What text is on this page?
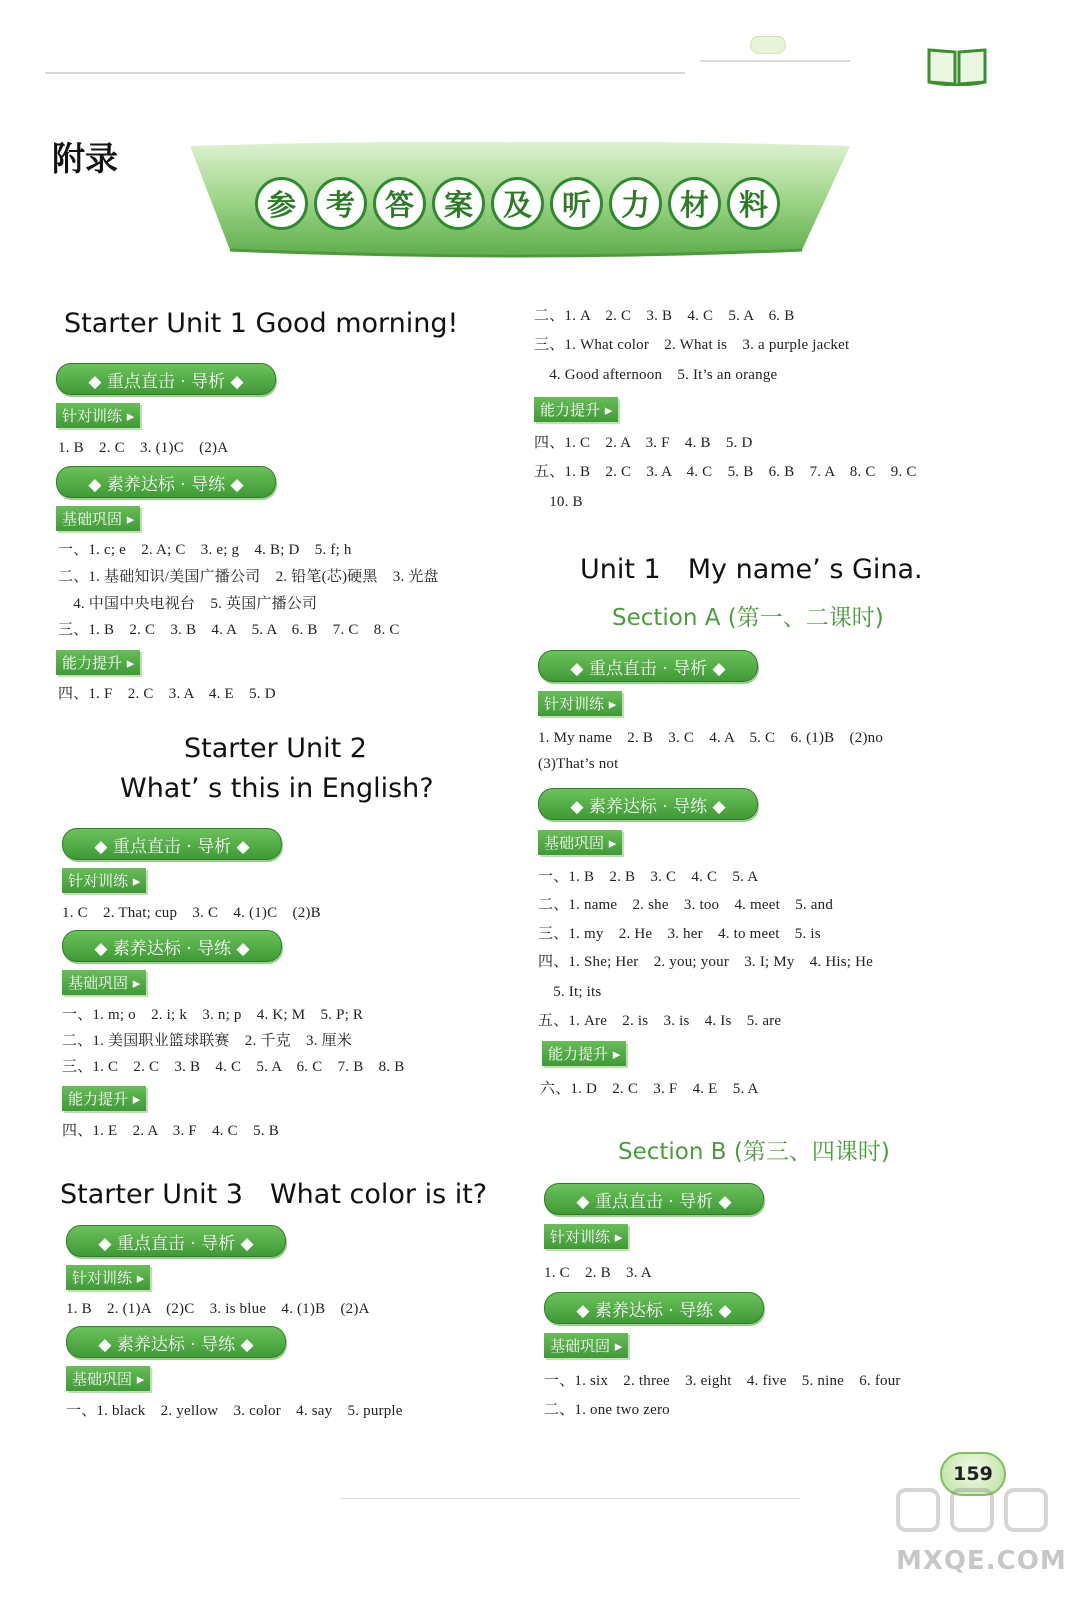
附录
参	考	答	案	及	听	力	材	料
Starter Unit 1 Good morning!
◆ 重点直击 · 导析 ◆
针对训练 ▸
1. B　2. C　3. (1)C　(2)A
◆ 素养达标 · 导练 ◆
基础巩固 ▸
一、1. c; e　2. A; C　3. e; g　4. B; D　5. f; h
二、1. 基础知识/美国广播公司　2. 铅笔(芯)硬黑　3. 光盘
　4. 中国中央电视台　5. 英国广播公司
三、1. B　2. C　3. B　4. A　5. A　6. B　7. C　8. C
能力提升 ▸
四、1. F　2. C　3. A　4. E　5. D
Starter Unit 2
What’ s this in English?
◆ 重点直击 · 导析 ◆
针对训练 ▸
1. C　2. That; cup　3. C　4. (1)C　(2)B
◆ 素养达标 · 导练 ◆
基础巩固 ▸
一、1. m; o　2. i; k　3. n; p　4. K; M　5. P; R
二、1. 美国职业篮球联赛　2. 千克　3. 厘米
三、1. C　2. C　3. B　4. C　5. A　6. C　7. B　8. B
能力提升 ▸
四、1. E　2. A　3. F　4. C　5. B
Starter Unit 3　What color is it?
◆ 重点直击 · 导析 ◆
针对训练 ▸
1. B　2. (1)A　(2)C　3. is blue　4. (1)B　(2)A
◆ 素养达标 · 导练 ◆
基础巩固 ▸
一、1. black　2. yellow　3. color　4. say　5. purple
二、1. A　2. C　3. B　4. C　5. A　6. B
三、1. What color　2. What is　3. a purple jacket
　4. Good afternoon　5. It’s an orange
能力提升 ▸
四、1. C　2. A　3. F　4. B　5. D
五、1. B　2. C　3. A　4. C　5. B　6. B　7. A　8. C　9. C
　10. B
Unit 1　My name’ s Gina.
Section A (第一、二课时)
◆ 重点直击 · 导析 ◆
针对训练 ▸
1. My name　2. B　3. C　4. A　5. C　6. (1)B　(2)no
(3)That’s not
◆ 素养达标 · 导练 ◆
基础巩固 ▸
一、1. B　2. B　3. C　4. C　5. A
二、1. name　2. she　3. too　4. meet　5. and
三、1. my　2. He　3. her　4. to meet　5. is
四、1. She; Her　2. you; your　3. I; My　4. His; He
　5. It; its
五、1. Are　2. is　3. is　4. Is　5. are
能力提升 ▸
六、1. D　2. C　3. F　4. E　5. A
Section B (第三、四课时)
◆ 重点直击 · 导析 ◆
针对训练 ▸
1. C　2. B　3. A
◆ 素养达标 · 导练 ◆
基础巩固 ▸
一、1. six　2. three　3. eight　4. five　5. nine　6. four
二、1. one two zero
159
MXQE.COM
